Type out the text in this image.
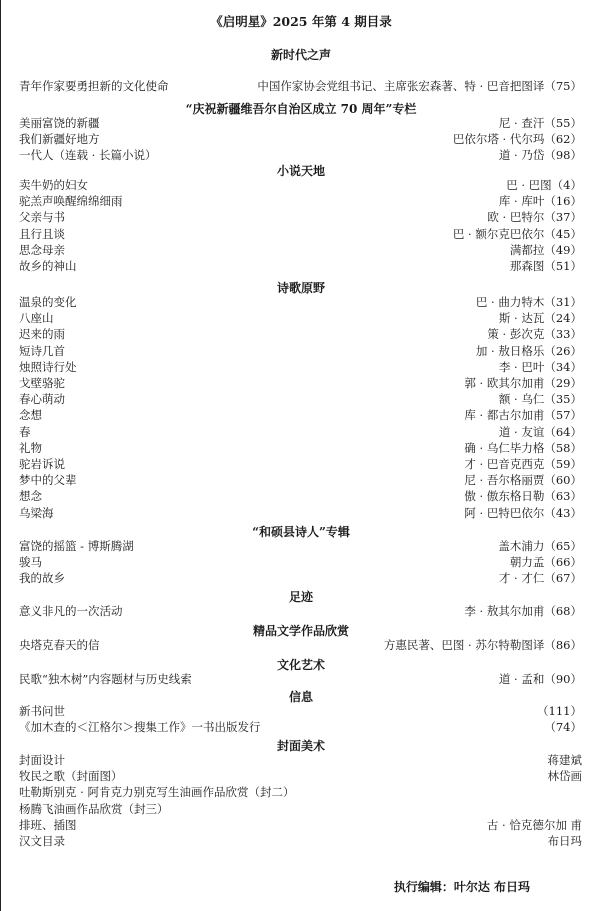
《启明星》2025 年第 4 期目录
新时代之声
青年作家要勇担新的文化使命	中国作家协会党组书记、主席张宏森著、特 · 巴音把图译（75）
“庆祝新疆维吾尔自治区成立 70 周年”专栏
美丽富饶的新疆	尼 · 查汗（55）
我们新疆好地方	巴依尔塔 · 代尔玛（62）
一代人（连载 · 长篇小说）	道 · 乃岱（98）
小说天地
卖牛奶的妇女	巴 · 巴图（4）
驼羔声唤醒绵绵细雨	库 · 库叶（16）
父亲与书	欧 · 巴特尔（37）
且行且谈	巴 · 额尔克巴依尔（45）
思念母亲	满都拉（49）
故乡的神山	那森图（51）
诗歌原野
温泉的变化	巴 · 曲力特木（31）
八座山	斯 · 达瓦（24）
迟来的雨	策 · 彭次克（33）
短诗几首	加 · 敖日格乐（26）
烛照诗行处	李 · 巴叶（34）
戈壁骆驼	郭 · 欧其尔加甫（29）
春心萌动	额 · 乌仁（35）
念想	库 · 都古尔加甫（57）
春	道 · 友谊（64）
礼物	确 · 乌仁毕力格（58）
驼岩诉说	才 · 巴音克西克（59）
梦中的父辈	尼 · 吾尔格丽贾（60）
想念	傲 · 傲东格日勒（63）
乌梁海	阿 · 巴特巴依尔（43）
“和硕县诗人”专辑
富饶的摇篮 - 博斯腾湖	盖木浦力（65）
骏马	朝力孟（66）
我的故乡	才 · 才仁（67）
足迹
意义非凡的一次活动	李 · 敖其尔加甫（68）
精品文学作品欣赏
央塔克春天的信	方惠民著、巴图 · 苏尔特勒图译（86）
文化艺术
民歌“独木树”内容题材与历史线索	道 · 孟和（90）
信息
新书问世	（111）
《加木查的＜江格尔＞搜集工作》一书出版发行	（74）
封面美术
封面设计	蒋建斌
牧民之歌（封面图）	林岱画
吐勒斯别克 · 阿肯克力别克写生油画作品欣赏（封二）
杨腾飞油画作品欣赏（封三）
排班、插图	古 · 恰克德尔加 甫
汉文目录	布日玛
执行编辑：叶尔达 布日玛
